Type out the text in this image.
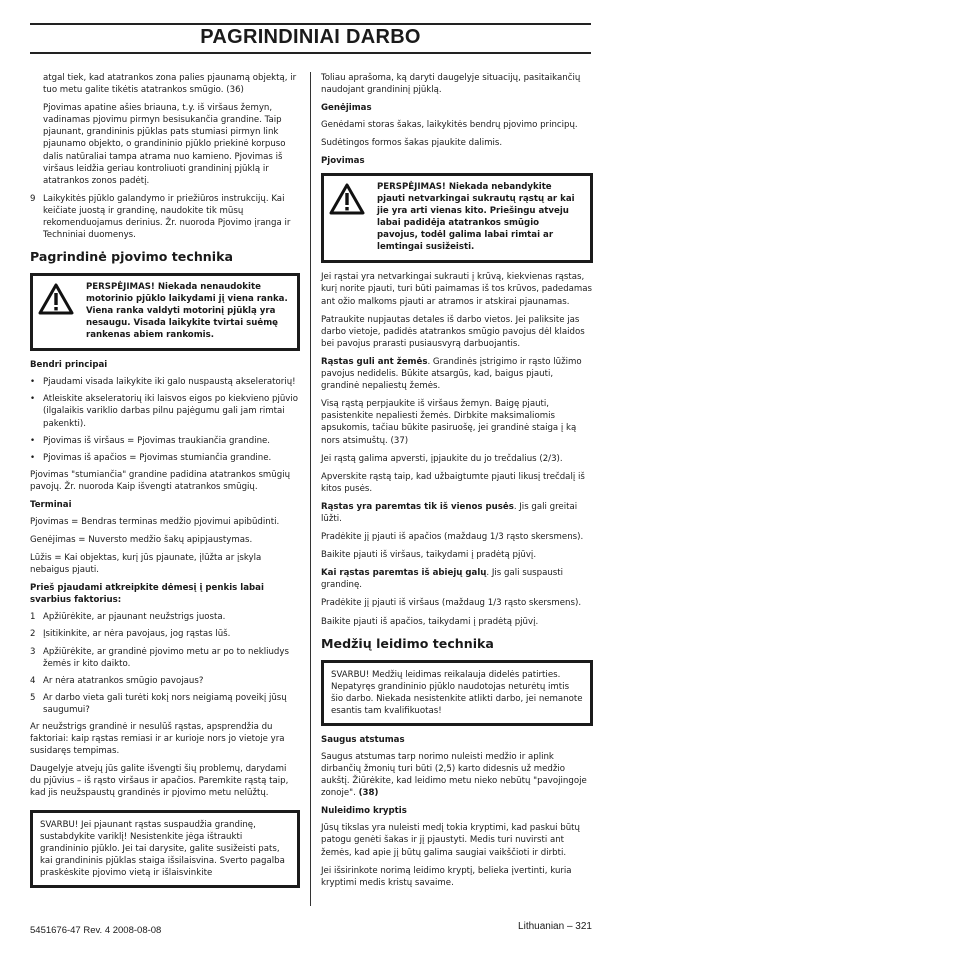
PAGRINDINIAI DARBO

atgal tiek, kad atatrankos zona palies pjaunamą objektą, ir tuo metu galite tikėtis atatrankos smūgio. (36)

Pjovimas apatine ašies briauna, t.y. iš viršaus žemyn, vadinamas pjovimu pirmyn besisukančia grandine. Taip pjaunant, grandininis pjūklas pats stumiasi pirmyn link pjaunamo objekto, o grandininio pjūklo priekinė korpuso dalis natūraliai tampa atrama nuo kamieno. Pjovimas iš viršaus leidžia geriau kontroliuoti grandininį pjūklą ir atatrankos zonos padėtį.

9 Laikykitės pjūklo galandymo ir priežiūros instrukcijų. Kai keičiate juostą ir grandinę, naudokite tik mūsų rekomenduojamus derinius. Žr. nuoroda Pjovimo įranga ir Techniniai duomenys.
Pagrindinė pjovimo technika
PERSPĖJIMAS! Niekada nenaudokite motorinio pjūklo laikydami jį viena ranka. Viena ranka valdyti motorinį pjūklą yra nesaugu. Visada laikykite tvirtai suėmę rankenas abiem rankomis.
Bendri principai
• Pjaudami visada laikykite iki galo nuspaustą akseleratorių!
• Atleiskite akseleratorių iki laisvos eigos po kiekvieno pjūvio (ilgalaikis variklio darbas pilnu pajėgumu gali jam rimtai pakenkti).
• Pjovimas iš viršaus = Pjovimas traukiančia grandine.
• Pjovimas iš apačios = Pjovimas stumiančia grandine.

Pjovimas "stumiančia" grandine padidina atatrankos smūgių pavojų. Žr. nuoroda Kaip išvengti atatrankos smūgių.

Terminai

Pjovimas = Bendras terminas medžio pjovimui apibūdinti.

Genėjimas = Nuversto medžio šakų apipjaustymas.

Lūžis = Kai objektas, kurį jūs pjaunate, įlūžta ar įskyla nebaigus pjauti.

Prieš pjaudami atkreipkite dėmesį į penkis labai svarbius faktorius:
1 Apžiūrėkite, ar pjaunant neužstrigs juosta.
2 Įsitikinkite, ar nėra pavojaus, jog rąstas lūš.
3 Apžiūrėkite, ar grandinė pjovimo metu ar po to nekliudys žemės ir kito daikto.
4 Ar nėra atatrankos smūgio pavojaus?
5 Ar darbo vieta gali turėti kokį nors neigiamą poveikį jūsų saugumui?

Ar neužstrigs grandinė ir nesulūš rąstas, apsprendžia du faktoriai: kaip rąstas remiasi ir ar kurioje nors jo vietoje yra susidaręs tempimas.

Daugelyje atvejų jūs galite išvengti šių problemų, darydami du pjūvius – iš rąsto viršaus ir apačios. Paremkite rąstą taip, kad jis neužspaustų grandinės ir pjovimo metu nelūžtų.

SVARBU! Jei pjaunant rąstas suspaudžia grandinę, sustabdykite variklį! Nesistenkite jėga ištraukti grandininio pjūklo. Jei tai darysite, galite susižeisti pats, kai grandininis pjūklas staiga išsilaisvina. Sverto pagalba praskėskite pjovimo vietą ir išlaisvinkite

Toliau aprašoma, ką daryti daugelyje situacijų, pasitaikančių naudojant grandininį pjūklą.

Genėjimas

Genėdami storas šakas, laikykitės bendrų pjovimo principų.

Sudėtingos formos šakas pjaukite dalimis.

Pjovimas
PERSPĖJIMAS! Niekada nebandykite pjauti netvarkingai sukrautų rąstų ar kai jie yra arti vienas kito. Priešingu atveju labai padidėja atatrankos smūgio pavojus, todėl galima labai rimtai ar lemtingai susižeisti.

Jei rąstai yra netvarkingai sukrauti į krūvą, kiekvienas rąstas, kurį norite pjauti, turi būti paimamas iš tos krūvos, padedamas ant ožio malkoms pjauti ar atramos ir atskirai pjaunamas.

Patraukite nupjautas detales iš darbo vietos. Jei paliksite jas darbo vietoje, padidės atatrankos smūgio pavojus dėl klaidos bei pavojus prarasti pusiausvyrą darbuojantis.

Rąstas guli ant žemės. Grandinės įstrigimo ir rąsto lūžimo pavojus nedidelis. Būkite atsargūs, kad, baigus pjauti, grandinė nepaliestų žemės.

Visą rąstą perpjaukite iš viršaus žemyn. Baigę pjauti, pasistenkite nepaliesti žemės. Dirbkite maksimaliomis apsukomis, tačiau būkite pasiruošę, jei grandinė staiga į ką nors atsimuštų. (37)

Jei rąstą galima apversti, įpjaukite du jo trečdalius (2/3).

Apverskite rąstą taip, kad užbaigtumte pjauti likusį trečdalį iš kitos pusės.

Rąstas yra paremtas tik iš vienos pusės. Jis gali greitai lūžti.

Pradėkite jį pjauti iš apačios (maždaug 1/3 rąsto skersmens).

Baikite pjauti iš viršaus, taikydami į pradėtą pjūvį.

Kai rąstas paremtas iš abiejų galų. Jis gali suspausti grandinę.

Pradėkite jį pjauti iš viršaus (maždaug 1/3 rąsto skersmens).

Baikite pjauti iš apačios, taikydami į pradėtą pjūvį.

Medžių leidimo technika
SVARBU! Medžių leidimas reikalauja didelės patirties. Nepatyręs grandininio pjūklo naudotojas neturėtų imtis šio darbo. Niekada nesistenkite atlikti darbo, jei nemanote esantis tam kvalifikuotas!
Saugus atstumas

Saugus atstumas tarp norimo nuleisti medžio ir aplink dirbančių žmonių turi būti (2,5) karto didesnis už medžio aukštį. Žiūrėkite, kad leidimo metu nieko nebūtų "pavojingoje zonoje". (38)

Nuleidimo kryptis

Jūsų tikslas yra nuleisti medį tokia kryptimi, kad paskui būtų patogu genėti šakas ir jį pjaustyti. Medis turi nuvirsti ant žemės, kad apie jį būtų galima saugiai vaikščioti ir dirbti.

Jei išsirinkote norimą leidimo kryptį, belieka įvertinti, kuria kryptimi medis kristų savaime.

5451676-47 Rev. 4 2008-08-08	Lithuanian – 321
